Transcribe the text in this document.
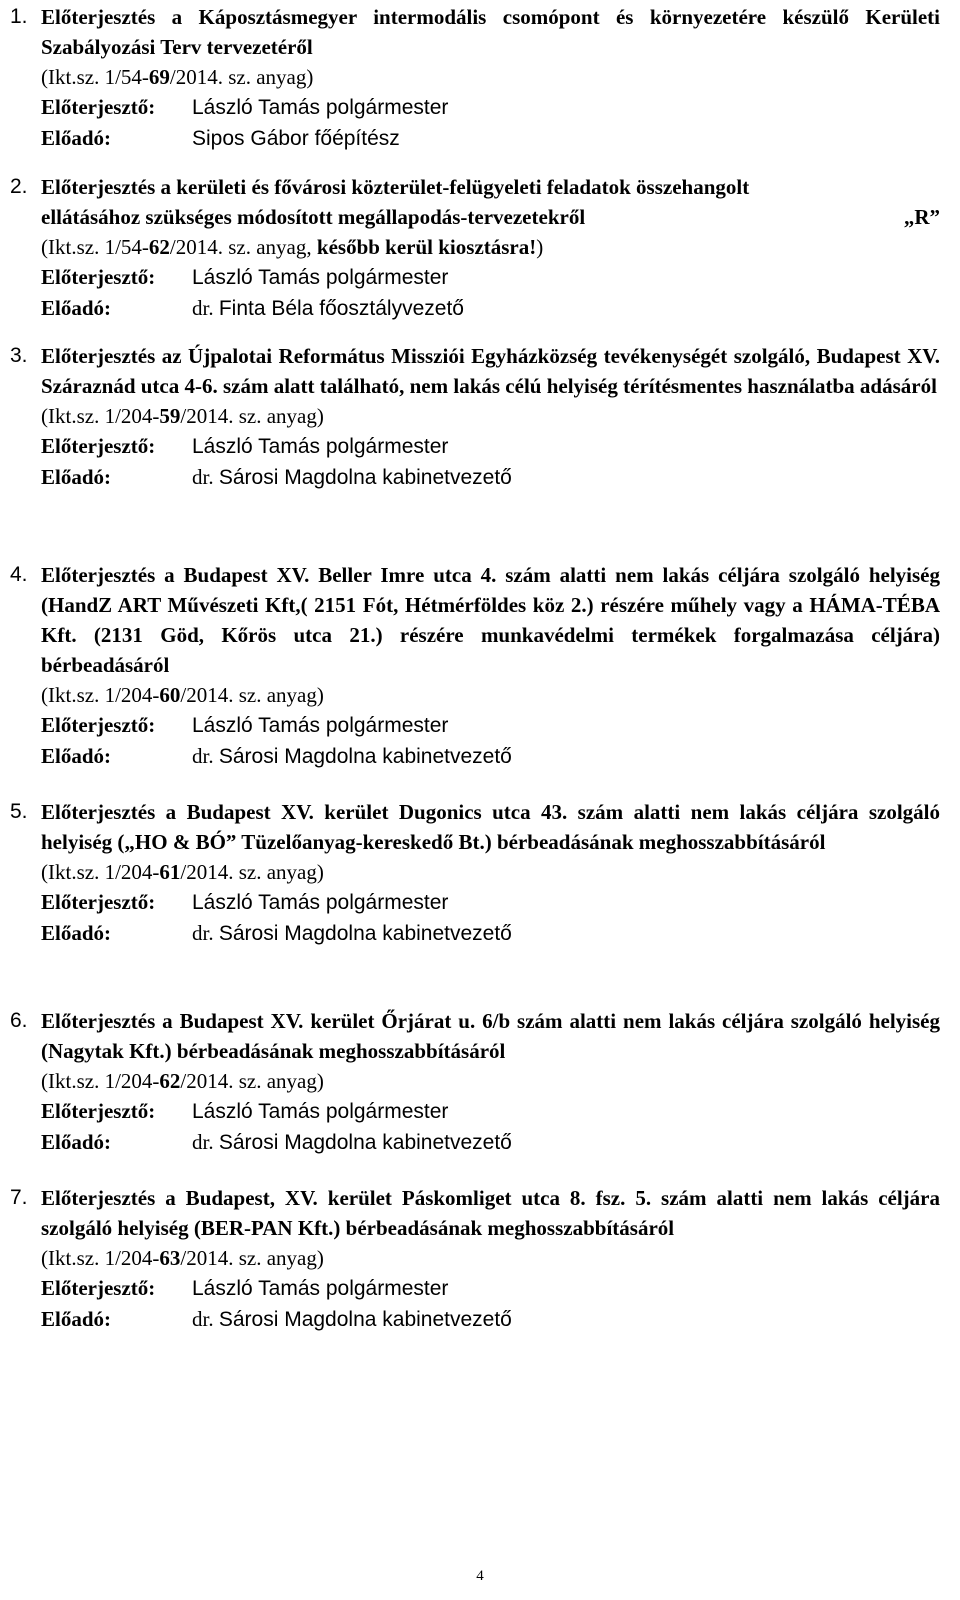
1. Előterjesztés a Káposztásmegyer intermodális csomópont és környezetére készülő Kerületi Szabályozási Terv tervezetéről
(Ikt.sz. 1/54-69/2014. sz. anyag)
Előterjesztő: László Tamás polgármester
Előadó:	Sipos Gábor főépítész
2. Előterjesztés a kerületi és fővárosi közterület-felügyeleti feladatok összehangolt
ellátásához szükséges módosított megállapodás-tervezetekről	„R”
(Ikt.sz. 1/54-62/2014. sz. anyag, később kerül kiosztásra!)
Előterjesztő: László Tamás polgármester
Előadó:	dr. Finta Béla főosztályvezető
3. Előterjesztés az Újpalotai Református Missziói Egyházközség tevékenységét szolgáló, Budapest XV. Száraznád utca 4-6. szám alatt található, nem lakás célú helyiség térítésmentes használatba adásáról
(Ikt.sz. 1/204-59/2014. sz. anyag)
Előterjesztő: László Tamás polgármester
Előadó:	dr. Sárosi Magdolna kabinetvezető
4. Előterjesztés a Budapest XV. Beller Imre utca 4. szám alatti nem lakás céljára szolgáló helyiség (HandZ ART Művészeti Kft,( 2151 Fót, Hétmérföldes köz 2.) részére műhely vagy a HÁMA-TÉBA Kft. (2131 Göd, Kőrös utca 21.) részére munkavédelmi termékek forgalmazása céljára) bérbeadásáról
(Ikt.sz. 1/204-60/2014. sz. anyag)
Előterjesztő: László Tamás polgármester
Előadó:	dr. Sárosi Magdolna kabinetvezető
5. Előterjesztés a Budapest XV. kerület Dugonics utca 43. szám alatti nem lakás céljára szolgáló helyiség („HO & BÓ” Tüzelőanyag-kereskedő Bt.) bérbeadásának meghosszabbításáról
(Ikt.sz. 1/204-61/2014. sz. anyag)
Előterjesztő: László Tamás polgármester
Előadó:	dr. Sárosi Magdolna kabinetvezető
6. Előterjesztés a Budapest XV. kerület Őrjárat u. 6/b szám alatti nem lakás céljára szolgáló helyiség (Nagytak Kft.) bérbeadásának meghosszabbításáról
(Ikt.sz. 1/204-62/2014. sz. anyag)
Előterjesztő: László Tamás polgármester
Előadó:	dr. Sárosi Magdolna kabinetvezető
7. Előterjesztés a Budapest, XV. kerület Páskomliget utca 8. fsz. 5. szám alatti nem lakás céljára szolgáló helyiség (BER-PAN Kft.) bérbeadásának meghosszabbításáról
(Ikt.sz. 1/204-63/2014. sz. anyag)
Előterjesztő: László Tamás polgármester
Előadó:	dr. Sárosi Magdolna kabinetvezető
4
